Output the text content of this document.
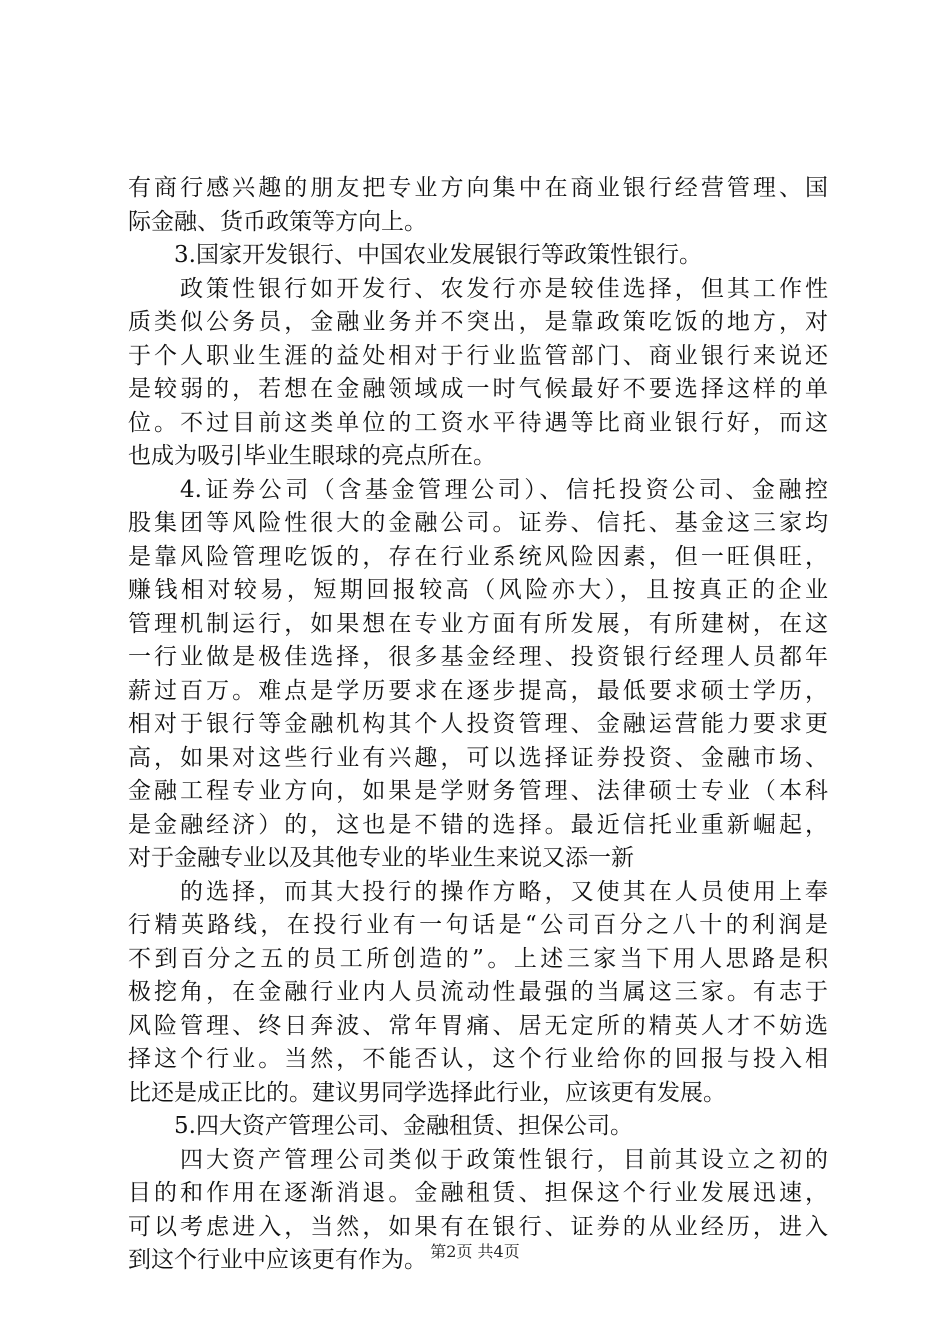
有商行感兴趣的朋友把专业方向集中在商业银行经营管理、国
际金融、货币政策等方向上。
3.国家开发银行、中国农业发展银行等政策性银行。
政策性银行如开发行、农发行亦是较佳选择，但其工作性
质类似公务员，金融业务并不突出，是靠政策吃饭的地方，对
于个人职业生涯的益处相对于行业监管部门、商业银行来说还
是较弱的，若想在金融领域成一时气候最好不要选择这样的单
位。不过目前这类单位的工资水平待遇等比商业银行好，而这
也成为吸引毕业生眼球的亮点所在。
4.证券公司（含基金管理公司）、信托投资公司、金融控
股集团等风险性很大的金融公司。证券、信托、基金这三家均
是靠风险管理吃饭的，存在行业系统风险因素，但一旺俱旺，
赚钱相对较易，短期回报较高（风险亦大），且按真正的企业
管理机制运行，如果想在专业方面有所发展，有所建树，在这
一行业做是极佳选择，很多基金经理、投资银行经理人员都年
薪过百万。难点是学历要求在逐步提高，最低要求硕士学历，
相对于银行等金融机构其个人投资管理、金融运营能力要求更
高，如果对这些行业有兴趣，可以选择证券投资、金融市场、
金融工程专业方向，如果是学财务管理、法律硕士专业（本科
是金融经济）的，这也是不错的选择。最近信托业重新崛起，
对于金融专业以及其他专业的毕业生来说又添一新
的选择，而其大投行的操作方略，又使其在人员使用上奉
行精英路线，在投行业有一句话是“公司百分之八十的利润是
不到百分之五的员工所创造的”。上述三家当下用人思路是积
极挖角，在金融行业内人员流动性最强的当属这三家。有志于
风险管理、终日奔波、常年胃痛、居无定所的精英人才不妨选
择这个行业。当然，不能否认，这个行业给你的回报与投入相
比还是成正比的。建议男同学选择此行业，应该更有发展。
5.四大资产管理公司、金融租赁、担保公司。
四大资产管理公司类似于政策性银行，目前其设立之初的
目的和作用在逐渐消退。金融租赁、担保这个行业发展迅速，
可以考虑进入，当然，如果有在银行、证券的从业经历，进入
到这个行业中应该更有作为。 第2页 共4页
